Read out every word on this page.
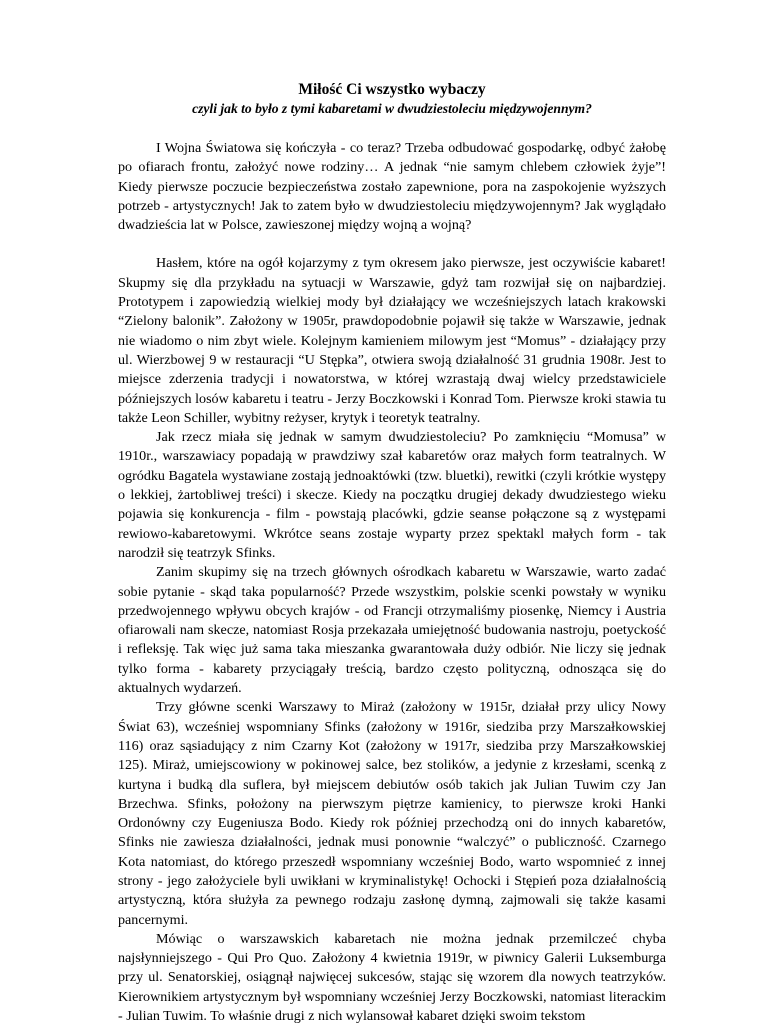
Miłość Ci wszystko wybaczy
czyli jak to było z tymi kabaretami w dwudziestoleciu międzywojennym?

I Wojna Światowa się kończyła - co teraz? Trzeba odbudować gospodarkę, odbyć żałobę po ofiarach frontu, założyć nowe rodziny… A jednak “nie samym chlebem człowiek żyje”! Kiedy pierwsze poczucie bezpieczeństwa zostało zapewnione, pora na zaspokojenie wyższych potrzeb - artystycznych! Jak to zatem było w dwudziestoleciu międzywojennym? Jak wyglądało dwadzieścia lat w Polsce, zawieszonej między wojną a wojną?

Hasłem, które na ogół kojarzymy z tym okresem jako pierwsze, jest oczywiście kabaret! Skupmy się dla przykładu na sytuacji w Warszawie, gdyż tam rozwijał się on najbardziej. Prototypem i zapowiedzią wielkiej mody był działający we wcześniejszych latach krakowski “Zielony balonik”. Założony w 1905r, prawdopodobnie pojawił się także w Warszawie, jednak nie wiadomo o nim zbyt wiele. Kolejnym kamieniem milowym jest “Momus” - działający przy ul. Wierzbowej 9 w restauracji “U Stępka”, otwiera swoją działalność 31 grudnia 1908r. Jest to miejsce zderzenia tradycji i nowatorstwa, w której wzrastają dwaj wielcy przedstawiciele późniejszych losów kabaretu i teatru - Jerzy Boczkowski i Konrad Tom. Pierwsze kroki stawia tu także Leon Schiller, wybitny reżyser, krytyk i teoretyk teatralny.

Jak rzecz miała się jednak w samym dwudziestoleciu? Po zamknięciu “Momusa” w 1910r., warszawiacy popadają w prawdziwy szał kabaretów oraz małych form teatralnych. W ogródku Bagatela wystawiane zostają jednoaktówki (tzw. bluetki), rewitki (czyli krótkie występy o lekkiej, żartobliwej treści) i skecze. Kiedy na początku drugiej dekady dwudziestego wieku pojawia się konkurencja - film - powstają placówki, gdzie seanse połączone są z występami rewiowo-kabaretowymi. Wkrótce seans zostaje wyparty przez spektakl małych form - tak narodził się teatrzyk Sfinks.

Zanim skupimy się na trzech głównych ośrodkach kabaretu w Warszawie, warto zadać sobie pytanie - skąd taka popularność? Przede wszystkim, polskie scenki powstały w wyniku przedwojennego wpływu obcych krajów - od Francji otrzymaliśmy piosenkę, Niemcy i Austria ofiarowali nam skecze, natomiast Rosja przekazała umiejętność budowania nastroju, poetyckość i refleksję. Tak więc już sama taka mieszanka gwarantowała duży odbiór. Nie liczy się jednak tylko forma - kabarety przyciągały treścią, bardzo często polityczną, odnosząca się do aktualnych wydarzeń.

Trzy główne scenki Warszawy to Miraż (założony w 1915r, działał przy ulicy Nowy Świat 63), wcześniej wspomniany Sfinks (założony w 1916r, siedziba przy Marszałkowskiej 116) oraz sąsiadujący z nim Czarny Kot (założony w 1917r, siedziba przy Marszałkowskiej 125). Miraż, umiejscowiony w pokinowej salce, bez stolików, a jedynie z krzesłami, scenką z kurtyna i budką dla suflera, był miejscem debiutów osób takich jak Julian Tuwim czy Jan Brzechwa. Sfinks, położony na pierwszym piętrze kamienicy, to pierwsze kroki Hanki Ordonówny czy Eugeniusza Bodo. Kiedy rok później przechodzą oni do innych kabaretów, Sfinks nie zawiesza działalności, jednak musi ponownie “walczyć” o publiczność. Czarnego Kota natomiast, do którego przeszedł wspomniany wcześniej Bodo, warto wspomnieć z innej strony - jego założyciele byli uwikłani w kryminalistykę! Ochocki i Stępień poza działalnością artystyczną, która służyła za pewnego rodzaju zasłonę dymną, zajmowali się także kasami pancernymi.

Mówiąc o warszawskich kabaretach nie można jednak przemilczeć chyba najsłynniejszego - Qui Pro Quo. Założony 4 kwietnia 1919r, w piwnicy Galerii Luksemburga przy ul. Senatorskiej, osiągnął najwięcej sukcesów, stając się wzorem dla nowych teatrzyków. Kierownikiem artystycznym był wspomniany wcześniej Jerzy Boczkowski, natomiast literackim - Julian Tuwim. To właśnie drugi z nich wylansował kabaret dzięki swoim tekstom
